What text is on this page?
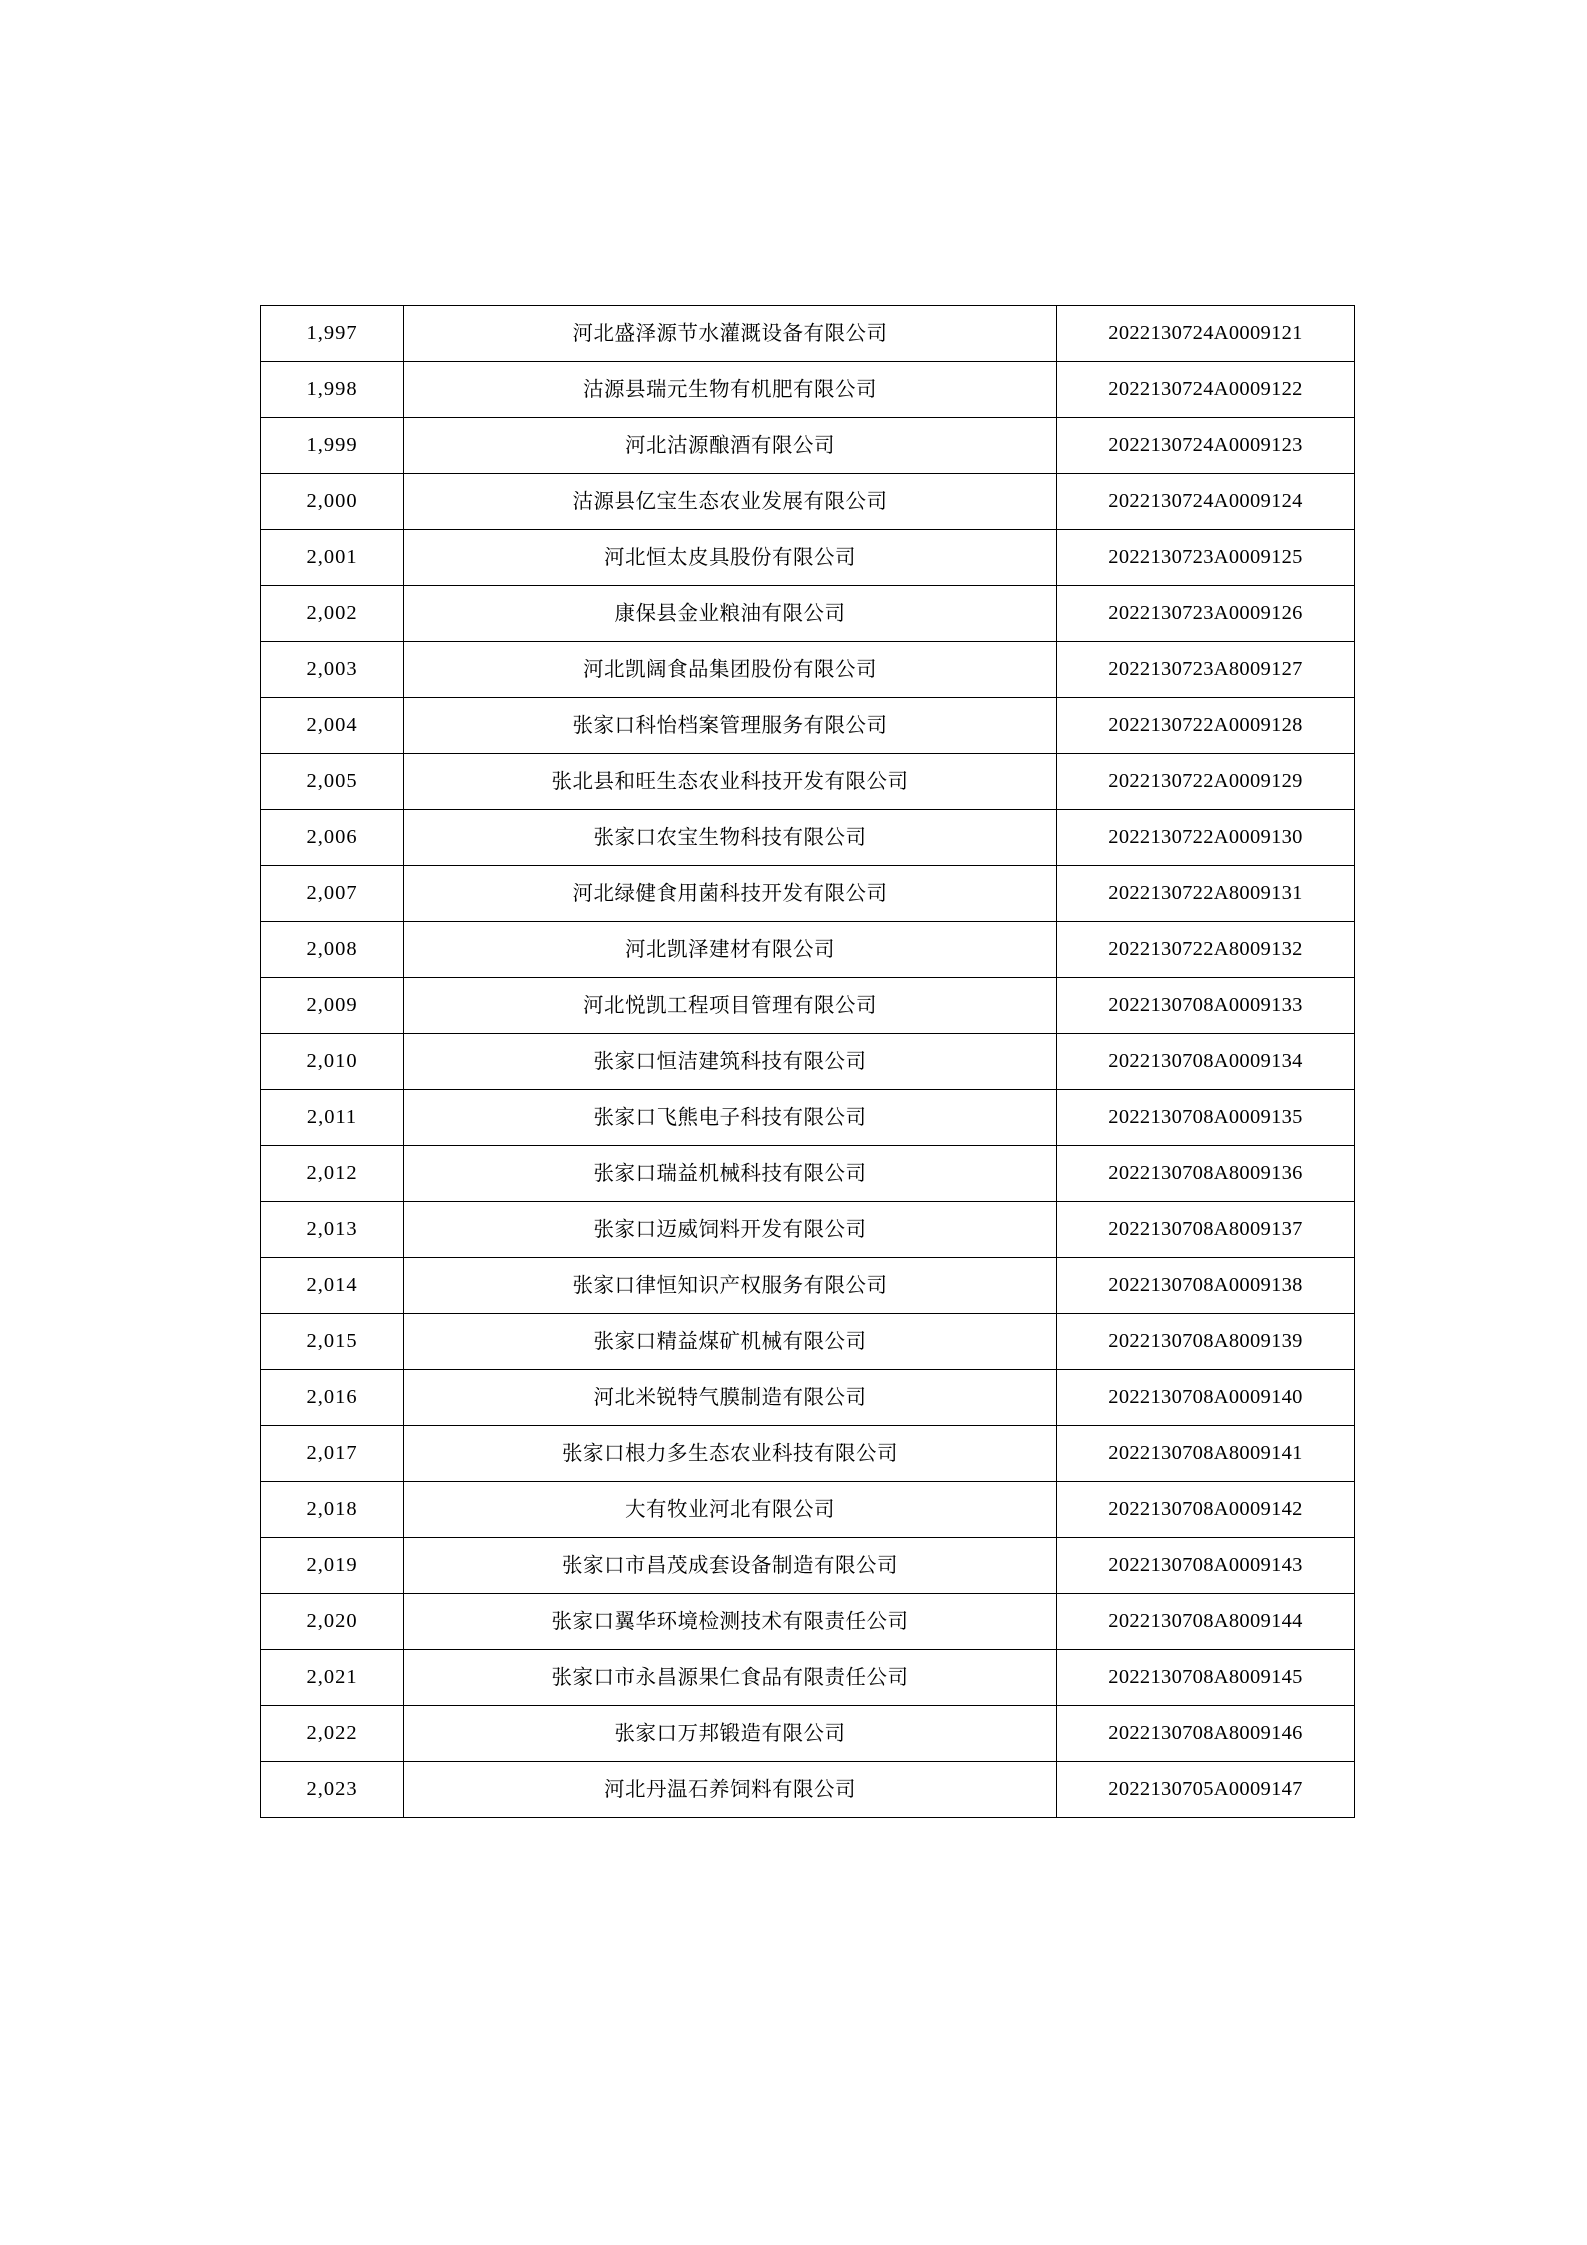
1,997	河北盛泽源节水灌溉设备有限公司	2022130724A0009121
1,998	沽源县瑞元生物有机肥有限公司	2022130724A0009122
1,999	河北沽源酿酒有限公司	2022130724A0009123
2,000	沽源县亿宝生态农业发展有限公司	2022130724A0009124
2,001	河北恒太皮具股份有限公司	2022130723A0009125
2,002	康保县金业粮油有限公司	2022130723A0009126
2,003	河北凯阔食品集团股份有限公司	2022130723A8009127
2,004	张家口科怡档案管理服务有限公司	2022130722A0009128
2,005	张北县和旺生态农业科技开发有限公司	2022130722A0009129
2,006	张家口农宝生物科技有限公司	2022130722A0009130
2,007	河北绿健食用菌科技开发有限公司	2022130722A8009131
2,008	河北凯泽建材有限公司	2022130722A8009132
2,009	河北悦凯工程项目管理有限公司	2022130708A0009133
2,010	张家口恒洁建筑科技有限公司	2022130708A0009134
2,011	张家口飞熊电子科技有限公司	2022130708A0009135
2,012	张家口瑞益机械科技有限公司	2022130708A8009136
2,013	张家口迈威饲料开发有限公司	2022130708A8009137
2,014	张家口律恒知识产权服务有限公司	2022130708A0009138
2,015	张家口精益煤矿机械有限公司	2022130708A8009139
2,016	河北米锐特气膜制造有限公司	2022130708A0009140
2,017	张家口根力多生态农业科技有限公司	2022130708A8009141
2,018	大有牧业河北有限公司	2022130708A0009142
2,019	张家口市昌茂成套设备制造有限公司	2022130708A0009143
2,020	张家口翼华环境检测技术有限责任公司	2022130708A8009144
2,021	张家口市永昌源果仁食品有限责任公司	2022130708A8009145
2,022	张家口万邦锻造有限公司	2022130708A8009146
2,023	河北丹温石养饲料有限公司	2022130705A0009147
